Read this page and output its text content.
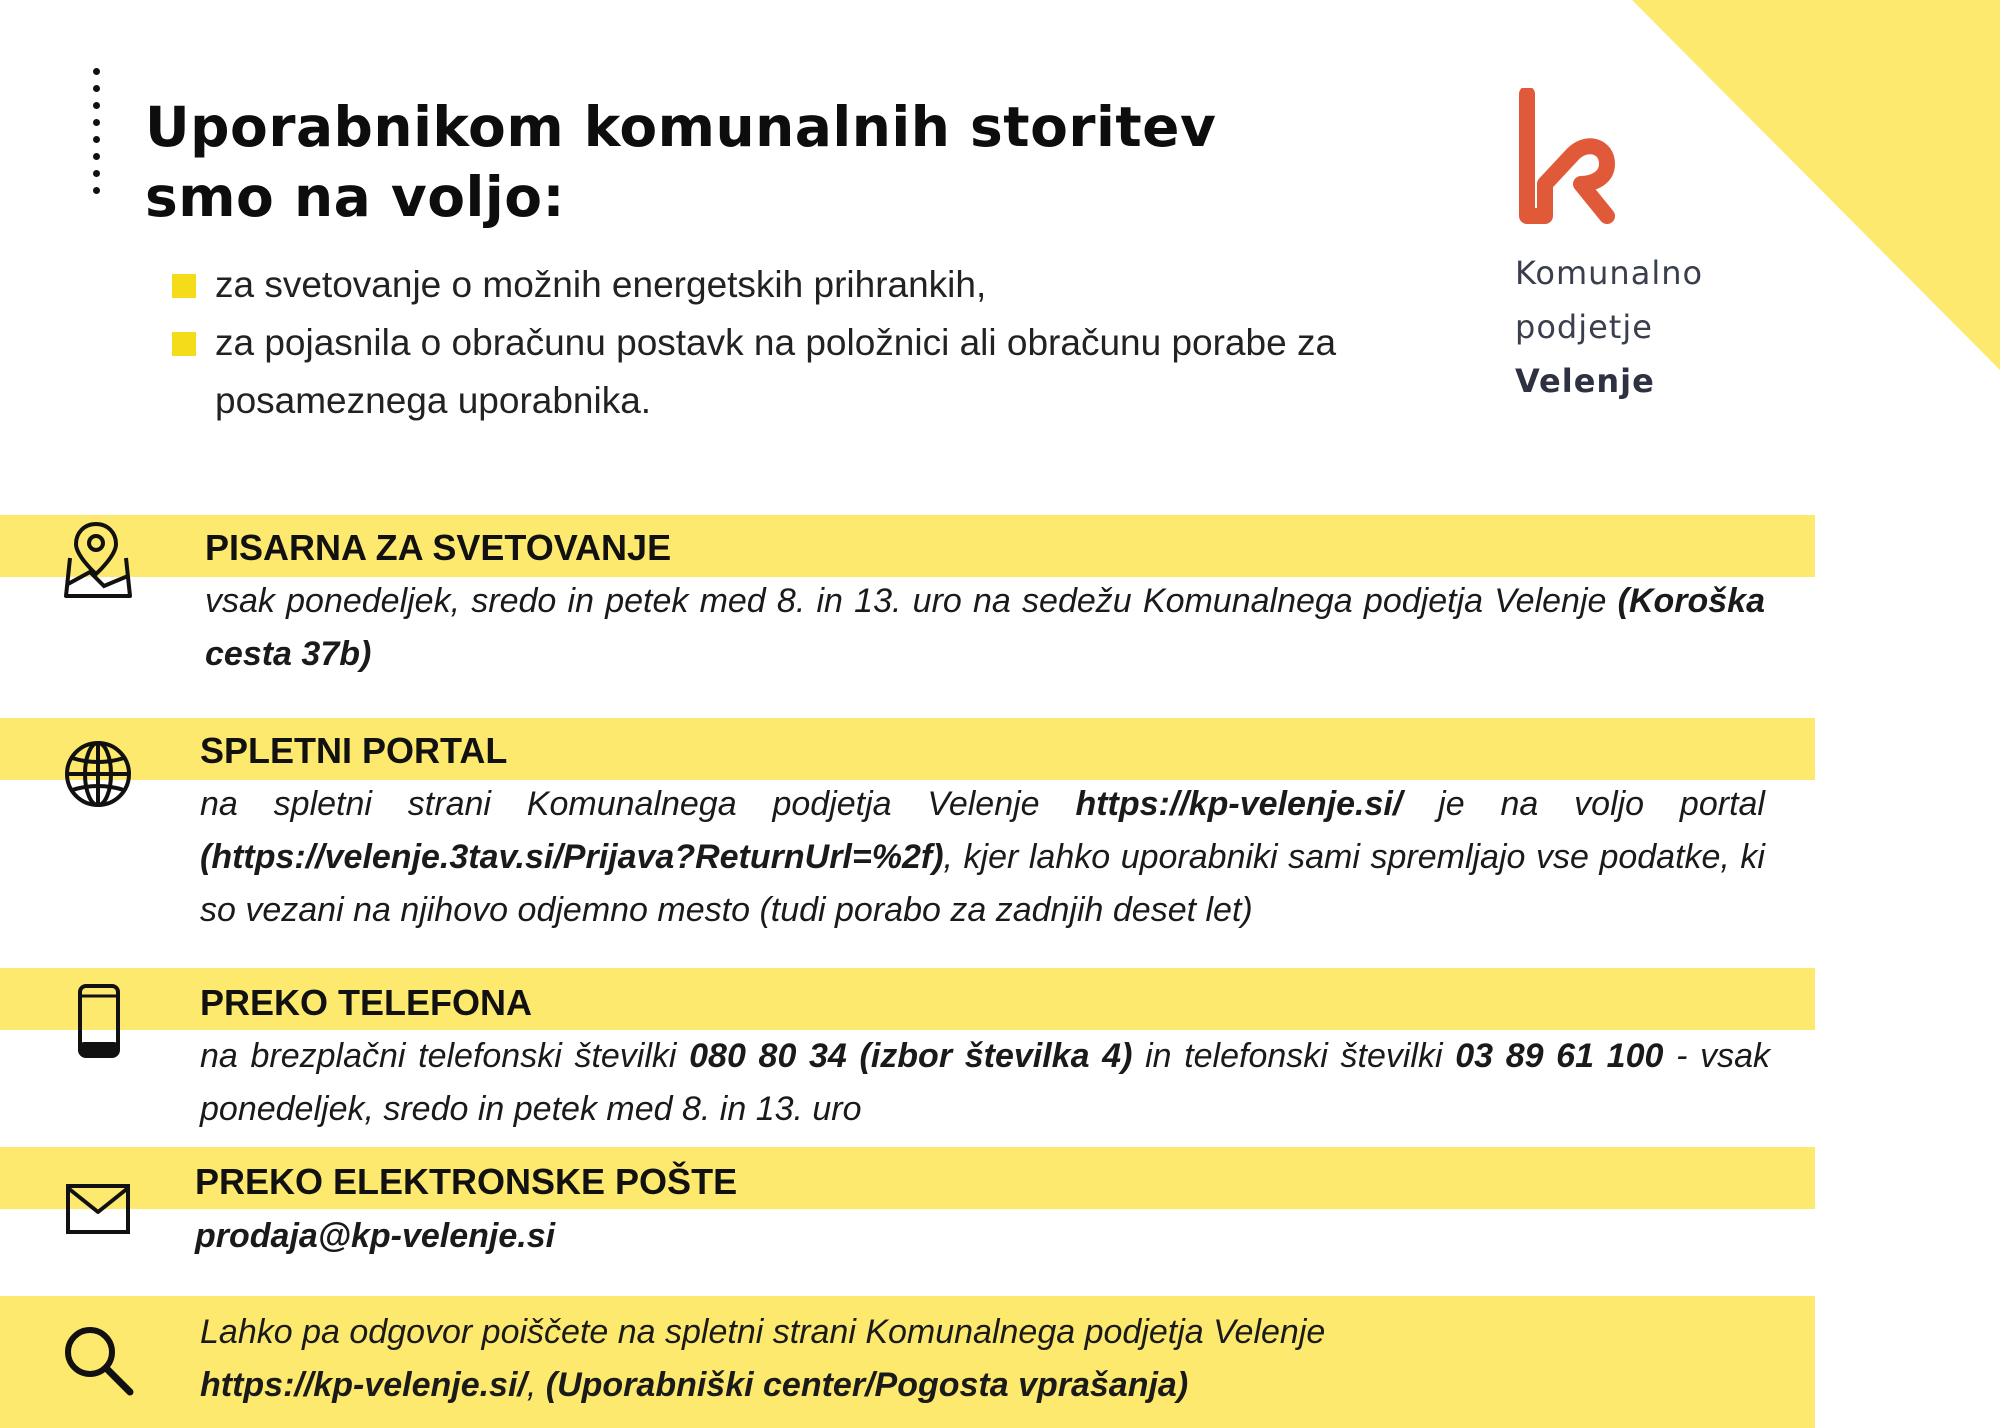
Uporabnikom komunalnih storitev
smo na voljo:
za svetovanje o možnih energetskih prihrankih,
za pojasnila o obračunu postavk na položnici ali obračunu porabe za posameznega uporabnika.
Komunalno
podjetje
Velenje
PISARNA ZA SVETOVANJE

vsak ponedeljek, sredo in petek med 8. in 13. uro na sedežu Komunalnega podjetja Velenje (Koroška cesta 37b)

SPLETNI PORTAL

na spletni strani Komunalnega podjetja Velenje https://kp-velenje.si/ je na voljo portal (https://velenje.3tav.si/Prijava?ReturnUrl=%2f), kjer lahko uporabniki sami spremljajo vse podatke, ki so vezani na njihovo odjemno mesto (tudi porabo za zadnjih deset let)

PREKO TELEFONA

na brezplačni telefonski številki 080 80 34 (izbor številka 4) in telefonski številki 03 89 61 100 - vsak ponedeljek, sredo in petek med 8. in 13. uro

PREKO ELEKTRONSKE POŠTE

prodaja@kp-velenje.si

Lahko pa odgovor poiščete na spletni strani Komunalnega podjetja Velenje
https://kp-velenje.si/, (Uporabniški center/Pogosta vprašanja)
